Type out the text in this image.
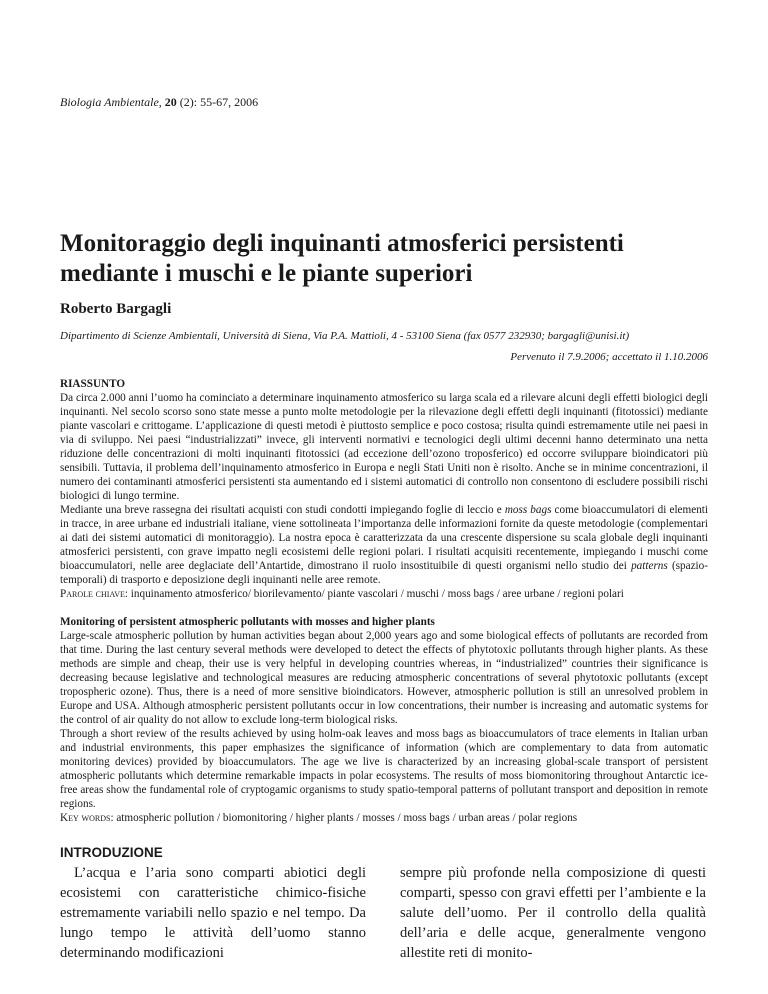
Biologia Ambientale, 20 (2): 55-67, 2006
Monitoraggio degli inquinanti atmosferici persistenti mediante i muschi e le piante superiori
Roberto Bargagli
Dipartimento di Scienze Ambientali, Università di Siena, Via P.A. Mattioli, 4 - 53100 Siena (fax 0577 232930; bargagli@unisi.it)
Pervenuto il 7.9.2006; accettato il 1.10.2006
RIASSUNTO

Da circa 2.000 anni l’uomo ha cominciato a determinare inquinamento atmosferico su larga scala ed a rilevare alcuni degli effetti biologici degli inquinanti. Nel secolo scorso sono state messe a punto molte metodologie per la rilevazione degli effetti degli inquinanti (fitotossici) mediante piante vascolari e crittogame. L’applicazione di questi metodi è piuttosto semplice e poco costosa; risulta quindi estremamente utile nei paesi in via di sviluppo. Nei paesi “industrializzati” invece, gli interventi normativi e tecnologici degli ultimi decenni hanno determinato una netta riduzione delle concentrazioni di molti inquinanti fitotossici (ad eccezione dell’ozono troposferico) ed occorre sviluppare bioindicatori più sensibili. Tuttavia, il problema dell’inquinamento atmosferico in Europa e negli Stati Uniti non è risolto. Anche se in minime concentrazioni, il numero dei contaminanti atmosferici persistenti sta aumentando ed i sistemi automatici di controllo non consentono di escludere possibili rischi biologici di lungo termine.

Mediante una breve rassegna dei risultati acquisti con studi condotti impiegando foglie di leccio e moss bags come bioaccumulatori di elementi in tracce, in aree urbane ed industriali italiane, viene sottolineata l’importanza delle informazioni fornite da queste metodologie (complementari ai dati dei sistemi automatici di monitoraggio). La nostra epoca è caratterizzata da una crescente dispersione su scala globale degli inquinanti atmosferici persistenti, con grave impatto negli ecosistemi delle regioni polari. I risultati acquisiti recentemente, impiegando i muschi come bioaccumulatori, nelle aree deglaciate dell’Antartide, dimostrano il ruolo insostituibile di questi organismi nello studio dei patterns (spazio-temporali) di trasporto e deposizione degli inquinanti nelle aree remote.

Parole chiave: inquinamento atmosferico/ biorilevamento/ piante vascolari / muschi / moss bags / aree urbane / regioni polari

Monitoring of persistent atmospheric pollutants with mosses and higher plants

Large-scale atmospheric pollution by human activities began about 2,000 years ago and some biological effects of pollutants are recorded from that time. During the last century several methods were developed to detect the effects of phytotoxic pollutants through higher plants. As these methods are simple and cheap, their use is very helpful in developing countries whereas, in “industrialized” countries their significance is decreasing because legislative and technological measures are reducing atmospheric concentrations of several phytotoxic pollutants (except tropospheric ozone). Thus, there is a need of more sensitive bioindicators. However, atmospheric pollution is still an unresolved problem in Europe and USA. Although atmospheric persistent pollutants occur in low concentrations, their number is increasing and automatic systems for the control of air quality do not allow to exclude long-term biological risks.

Through a short review of the results achieved by using holm-oak leaves and moss bags as bioaccumulators of trace elements in Italian urban and industrial environments, this paper emphasizes the significance of information (which are complementary to data from automatic monitoring devices) provided by bioaccumulators. The age we live is characterized by an increasing global-scale transport of persistent atmospheric pollutants which determine remarkable impacts in polar ecosystems. The results of moss biomonitoring throughout Antarctic ice-free areas show the fundamental role of cryptogamic organisms to study spatio-temporal patterns of pollutant transport and deposition in remote regions.

Key words: atmospheric pollution / biomonitoring / higher plants / mosses / moss bags / urban areas / polar regions

INTRODUZIONE

L’acqua e l’aria sono comparti abiotici degli ecosistemi con caratteristiche chimico-fisiche estremamente variabili nello spazio e nel tempo. Da lungo tempo le attività dell’uomo stanno determinando modificazioni

sempre più profonde nella composizione di questi comparti, spesso con gravi effetti per l’ambiente e la salute dell’uomo. Per il controllo della qualità dell’aria e delle acque, generalmente vengono allestite reti di monito-
